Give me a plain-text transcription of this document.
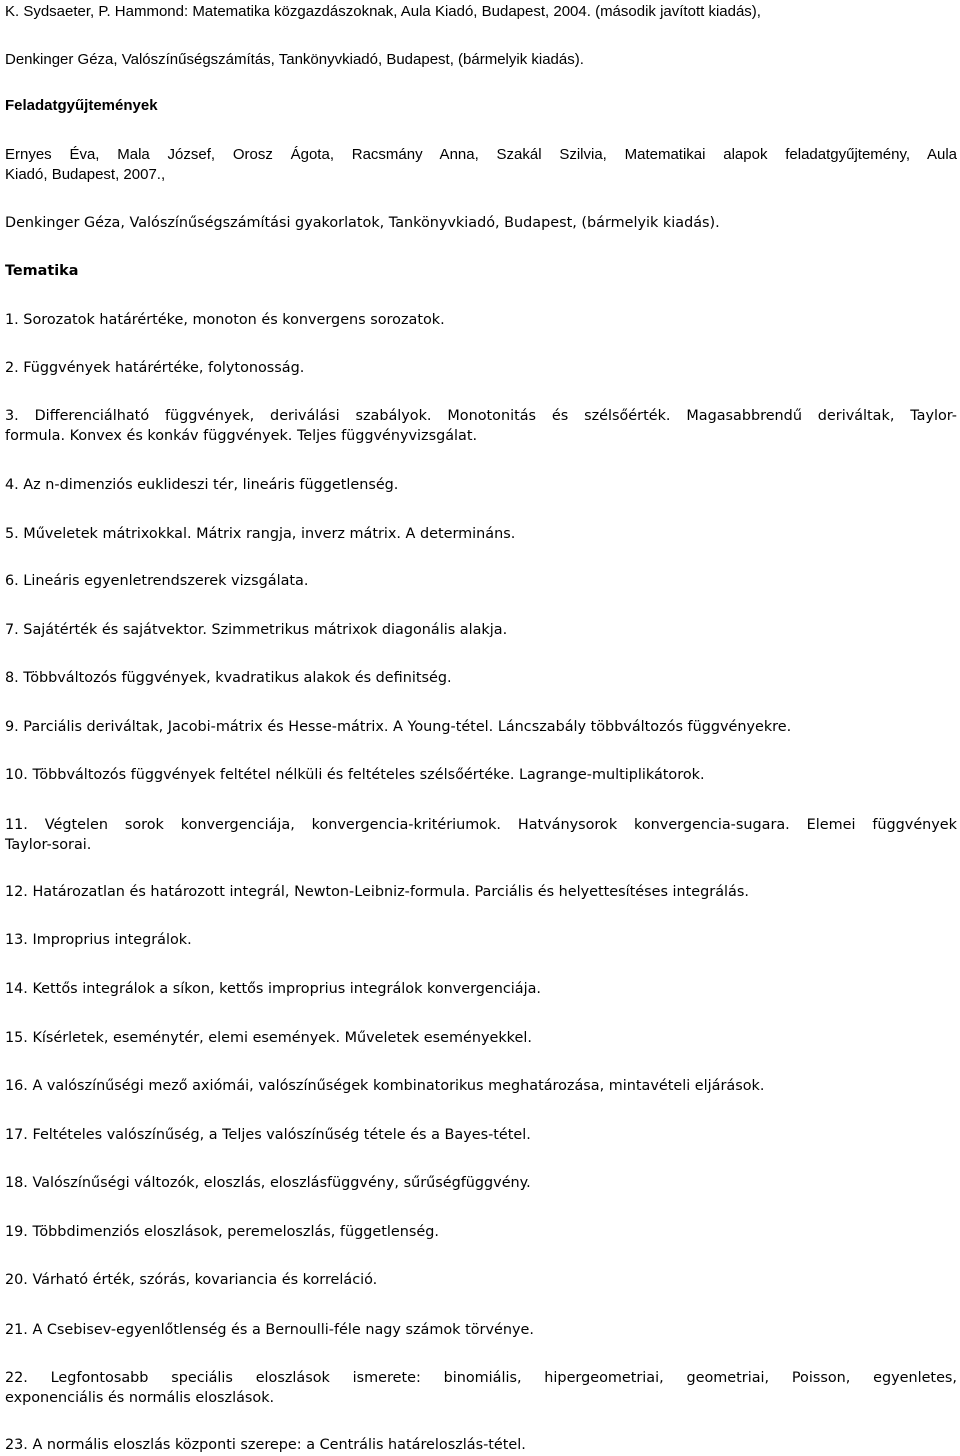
K. Sydsaeter, P. Hammond: Matematika közgazdászoknak, Aula Kiadó, Budapest, 2004. (második javított kiadás),

Denkinger Géza, Valószínűségszámítás, Tankönyvkiadó, Budapest, (bármelyik kiadás).

Feladatgyűjtemények

Ernyes Éva, Mala József, Orosz Ágota, Racsmány Anna, Szakál Szilvia, Matematikai alapok feladatgyűjtemény, Aula
Kiadó, Budapest, 2007.,

Denkinger Géza, Valószínűségszámítási gyakorlatok, Tankönyvkiadó, Budapest, (bármelyik kiadás).

Tematika

1. Sorozatok határértéke, monoton és konvergens sorozatok.

2. Függvények határértéke, folytonosság.

3. Differenciálható függvények, deriválási szabályok. Monotonitás és szélsőérték. Magasabbrendű deriváltak, Taylor-
formula. Konvex és konkáv függvények. Teljes függvényvizsgálat.

4. Az n-dimenziós euklideszi tér, lineáris függetlenség.

5. Műveletek mátrixokkal. Mátrix rangja, inverz mátrix. A determináns.

6. Lineáris egyenletrendszerek vizsgálata.

7. Sajátérték és sajátvektor. Szimmetrikus mátrixok diagonális alakja.

8. Többváltozós függvények, kvadratikus alakok és definitség.

9. Parciális deriváltak, Jacobi-mátrix és Hesse-mátrix. A Young-tétel. Láncszabály többváltozós függvényekre.

10. Többváltozós függvények feltétel nélküli és feltételes szélsőértéke. Lagrange-multiplikátorok.

11. Végtelen sorok konvergenciája, konvergencia-kritériumok. Hatványsorok konvergencia-sugara. Elemei függvények
Taylor-sorai.

12. Határozatlan és határozott integrál, Newton-Leibniz-formula. Parciális és helyettesítéses integrálás.

13. Improprius integrálok.

14. Kettős integrálok a síkon, kettős improprius integrálok konvergenciája.

15. Kísérletek, eseménytér, elemi események. Műveletek eseményekkel.

16. A valószínűségi mező axiómái, valószínűségek kombinatorikus meghatározása, mintavételi eljárások.

17. Feltételes valószínűség, a Teljes valószínűség tétele és a Bayes-tétel.

18. Valószínűségi változók, eloszlás, eloszlásfüggvény, sűrűségfüggvény.

19. Többdimenziós eloszlások, peremeloszlás, függetlenség.

20. Várható érték, szórás, kovariancia és korreláció.

21. A Csebisev-egyenlőtlenség és a Bernoulli-féle nagy számok törvénye.

22. Legfontosabb speciális eloszlások ismerete: binomiális, hipergeometriai, geometriai, Poisson, egyenletes,
exponenciális és normális eloszlások.

23. A normális eloszlás központi szerepe: a Centrális határeloszlás-tétel.
